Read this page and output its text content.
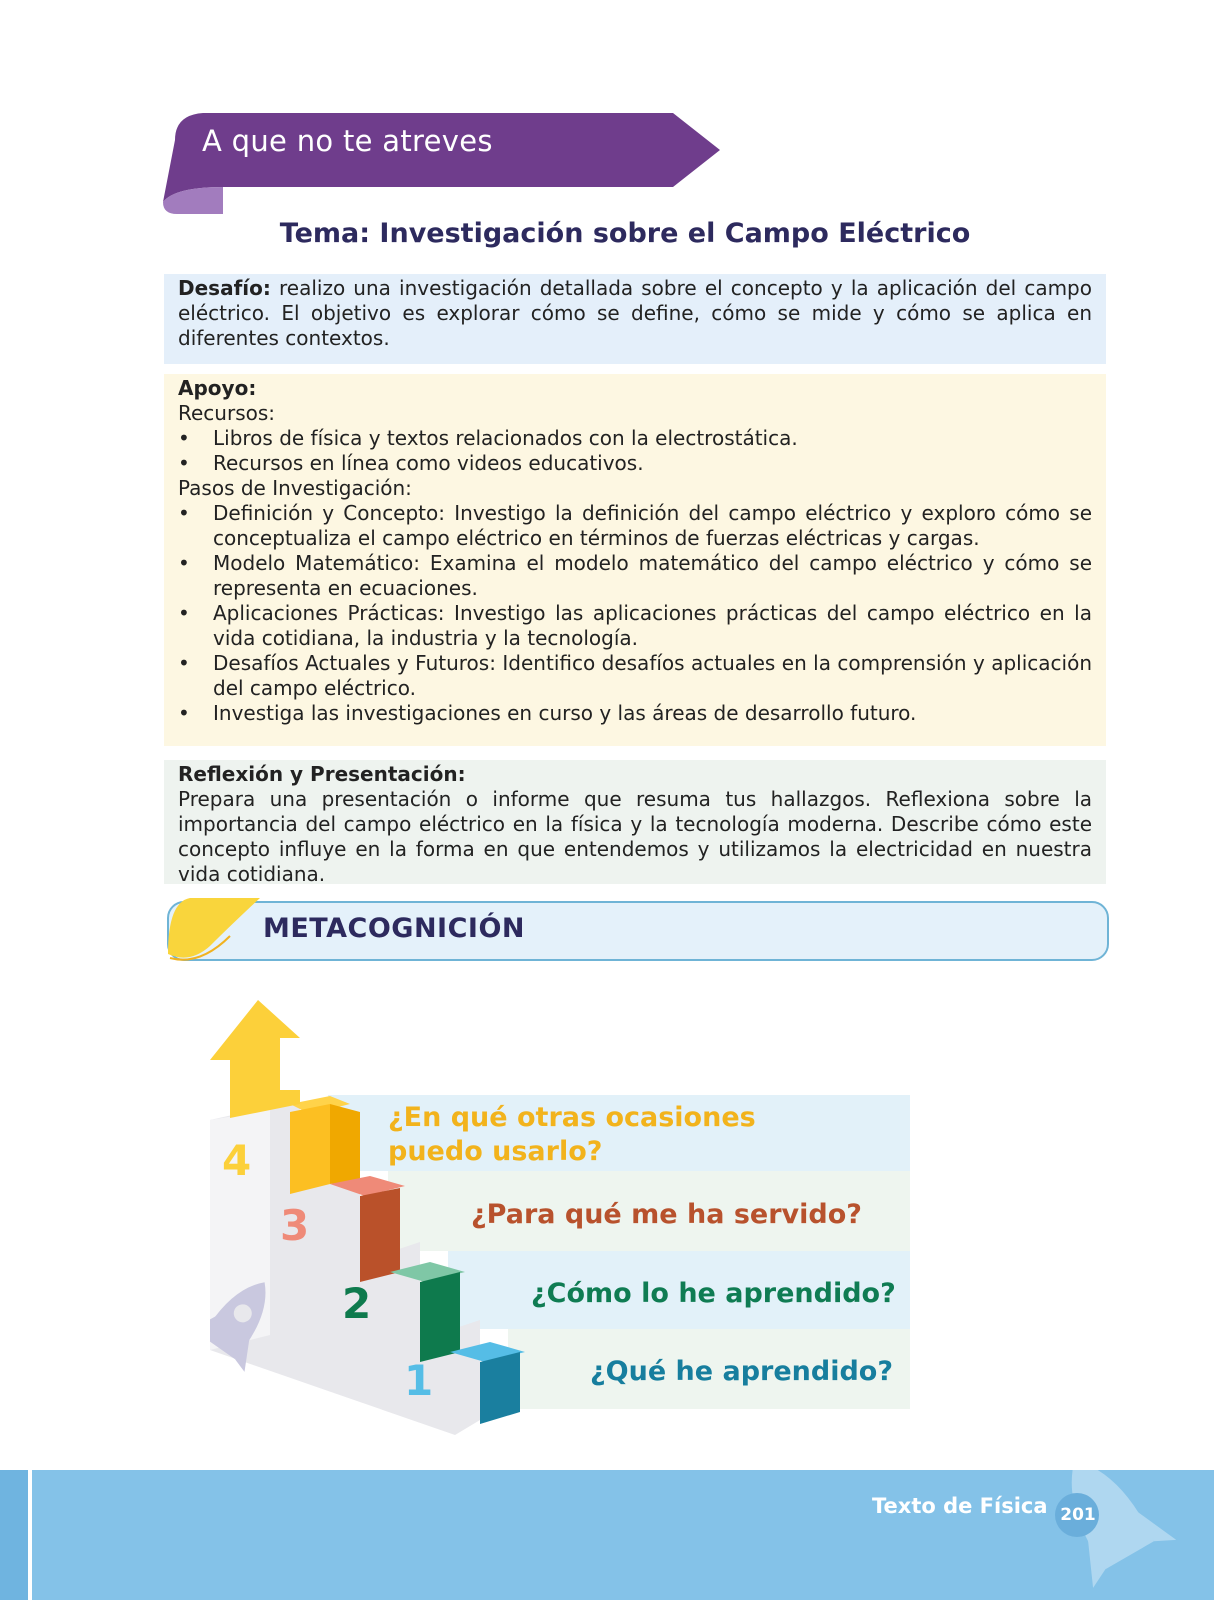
A que no te atreves
Tema: Investigación sobre el Campo Eléctrico
Desafío: realizo una investigación detallada sobre el concepto y la aplicación del campo eléctrico. El objetivo es explorar cómo se define, cómo se mide y cómo se aplica en diferentes contextos.
Apoyo:
Recursos:
• Libros de física y textos relacionados con la electrostática.
• Recursos en línea como videos educativos.
Pasos de Investigación:
• Definición y Concepto: Investigo la definición del campo eléctrico y exploro cómo se conceptualiza el campo eléctrico en términos de fuerzas eléctricas y cargas.
• Modelo Matemático: Examina el modelo matemático del campo eléctrico y cómo se representa en ecuaciones.
• Aplicaciones Prácticas: Investigo las aplicaciones prácticas del campo eléctrico en la vida cotidiana, la industria y la tecnología.
• Desafíos Actuales y Futuros: Identifico desafíos actuales en la comprensión y aplicación del campo eléctrico.
• Investiga las investigaciones en curso y las áreas de desarrollo futuro.
Reflexión y Presentación:
Prepara una presentación o informe que resuma tus hallazgos. Reflexiona sobre la importancia del campo eléctrico en la física y la tecnología moderna. Describe cómo este concepto influye en la forma en que entendemos y utilizamos la electricidad en nuestra vida cotidiana.
METACOGNICIÓN
4
3
2
1
¿En qué otras ocasiones puedo usarlo?
¿Para qué me ha servido?
¿Cómo lo he aprendido?
¿Qué he aprendido?
Texto de Física 201
